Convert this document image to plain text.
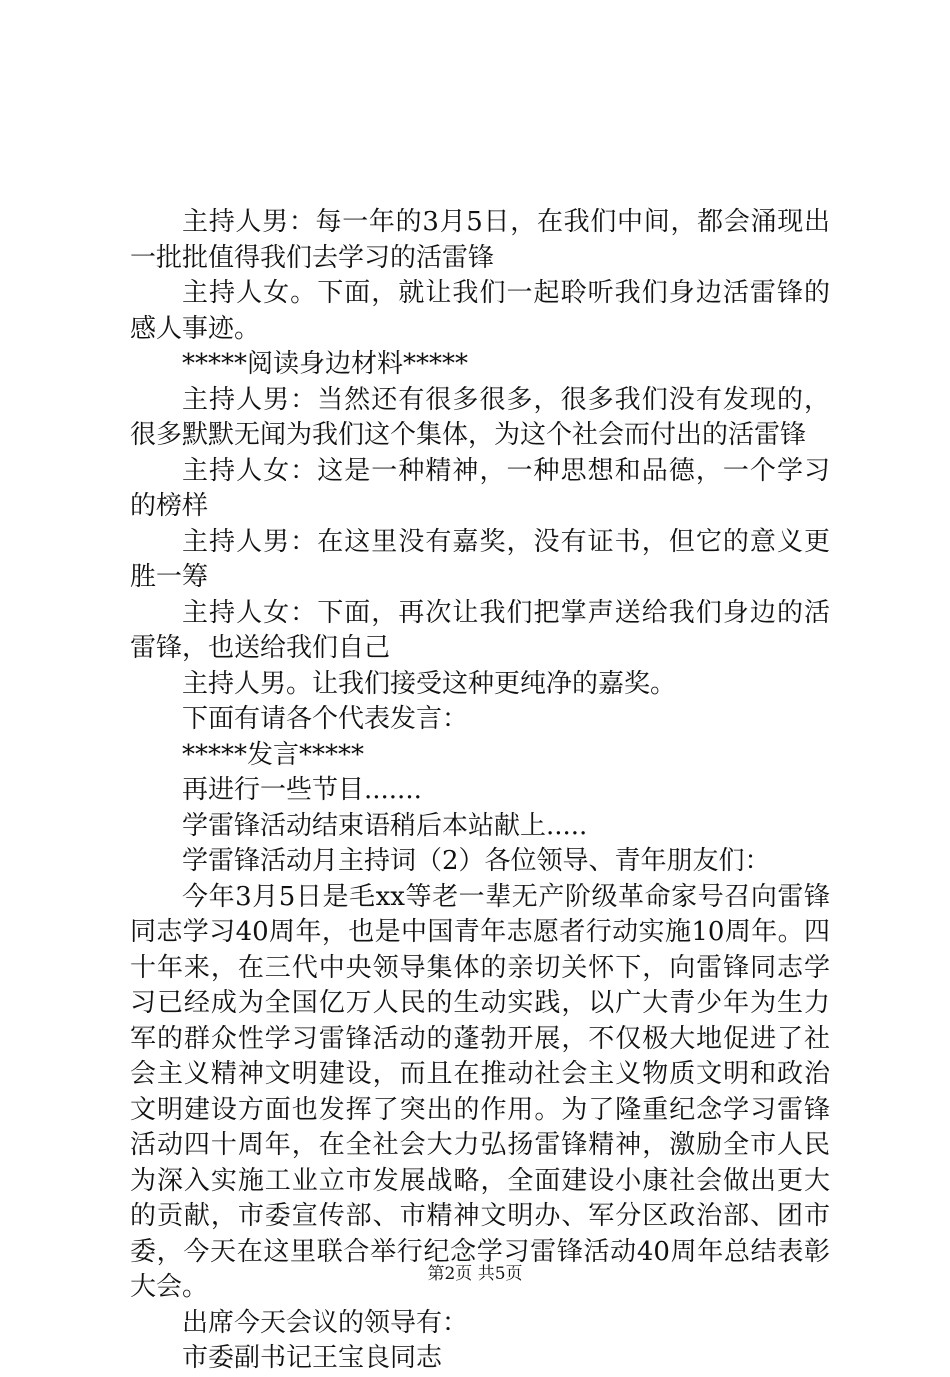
主持人男：每一年的3月5日，在我们中间，都会涌现出一批批值得我们去学习的活雷锋

主持人女。下面，就让我们一起聆听我们身边活雷锋的感人事迹。

*****阅读身边材料*****

主持人男：当然还有很多很多，很多我们没有发现的，很多默默无闻为我们这个集体，为这个社会而付出的活雷锋

主持人女：这是一种精神，一种思想和品德，一个学习的榜样

主持人男：在这里没有嘉奖，没有证书，但它的意义更胜一筹

主持人女：下面，再次让我们把掌声送给我们身边的活雷锋，也送给我们自己

主持人男。让我们接受这种更纯净的嘉奖。

下面有请各个代表发言：

*****发言*****

再进行一些节目.......

学雷锋活动结束语稍后本站献上.....

学雷锋活动月主持词（2）各位领导、青年朋友们：

今年3月5日是毛xx等老一辈无产阶级革命家号召向雷锋同志学习40周年，也是中国青年志愿者行动实施10周年。四十年来，在三代中央领导集体的亲切关怀下，向雷锋同志学习已经成为全国亿万人民的生动实践，以广大青少年为生力军的群众性学习雷锋活动的蓬勃开展，不仅极大地促进了社会主义精神文明建设，而且在推动社会主义物质文明和政治文明建设方面也发挥了突出的作用。为了隆重纪念学习雷锋活动四十周年，在全社会大力弘扬雷锋精神，激励全市人民为深入实施工业立市发展战略，全面建设小康社会做出更大的贡献，市委宣传部、市精神文明办、军分区政治部、团市委，今天在这里联合举行纪念学习雷锋活动40周年总结表彰大会。

出席今天会议的领导有：

市委副书记王宝良同志

第2页 共5页
